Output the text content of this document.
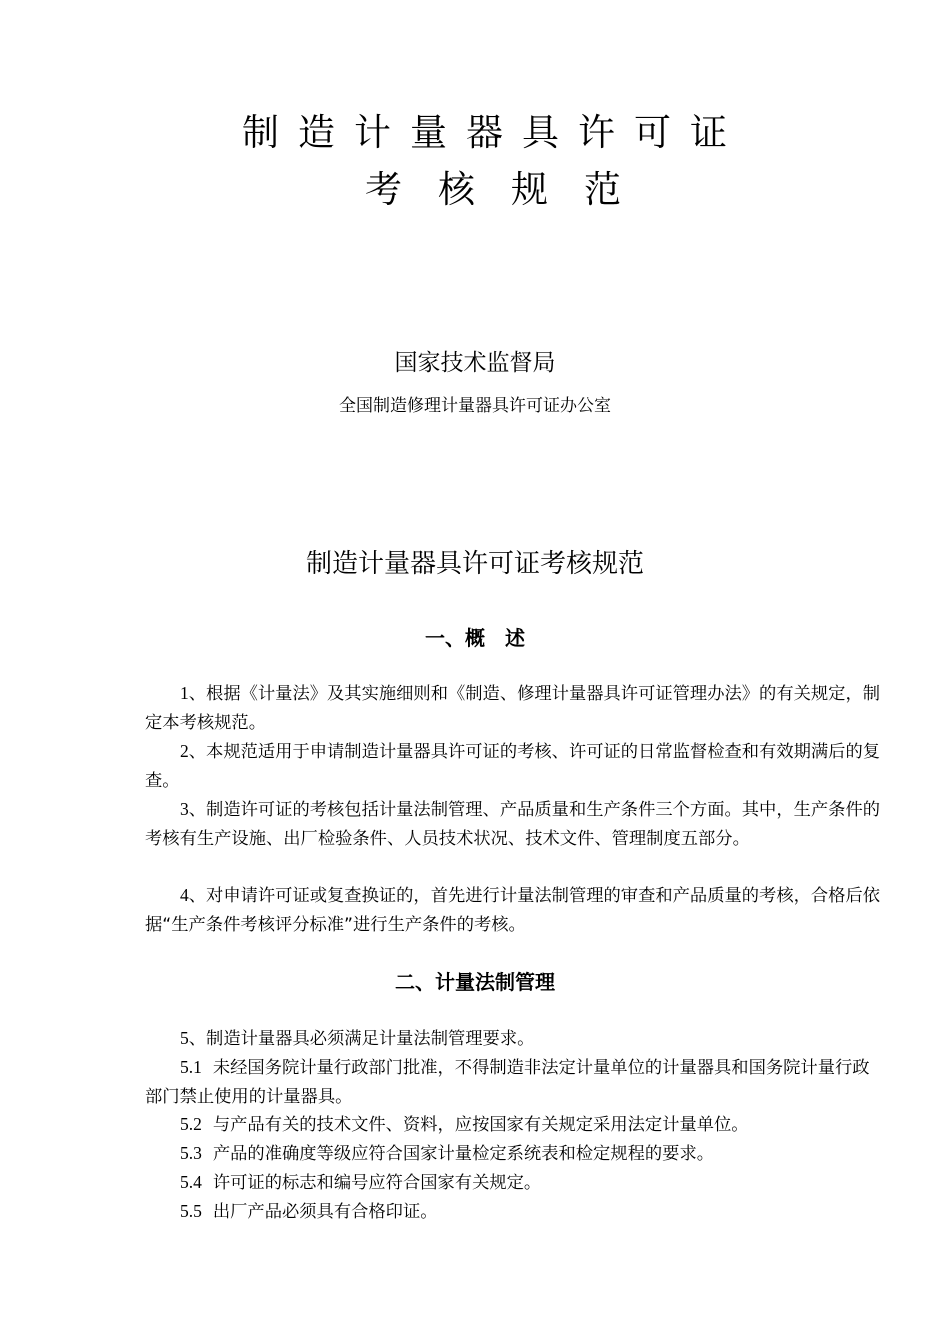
制造计量器具许可证
考核规范
国家技术监督局
全国制造修理计量器具许可证办公室
制造计量器具许可证考核规范
一、概　述
1、根据《计量法》及其实施细则和《制造、修理计量器具许可证管理办法》的有关规定，制定本考核规范。
2、本规范适用于申请制造计量器具许可证的考核、许可证的日常监督检查和有效期满后的复查。
3、制造许可证的考核包括计量法制管理、产品质量和生产条件三个方面。其中，生产条件的考核有生产设施、出厂检验条件、人员技术状况、技术文件、管理制度五部分。
4、对申请许可证或复查换证的，首先进行计量法制管理的审查和产品质量的考核，合格后依据“生产条件考核评分标准”进行生产条件的考核。
二、计量法制管理
5、制造计量器具必须满足计量法制管理要求。
5.1  未经国务院计量行政部门批准，不得制造非法定计量单位的计量器具和国务院计量行政部门禁止使用的计量器具。
5.2  与产品有关的技术文件、资料，应按国家有关规定采用法定计量单位。
5.3  产品的准确度等级应符合国家计量检定系统表和检定规程的要求。
5.4  许可证的标志和编号应符合国家有关规定。
5.5  出厂产品必须具有合格印证。
